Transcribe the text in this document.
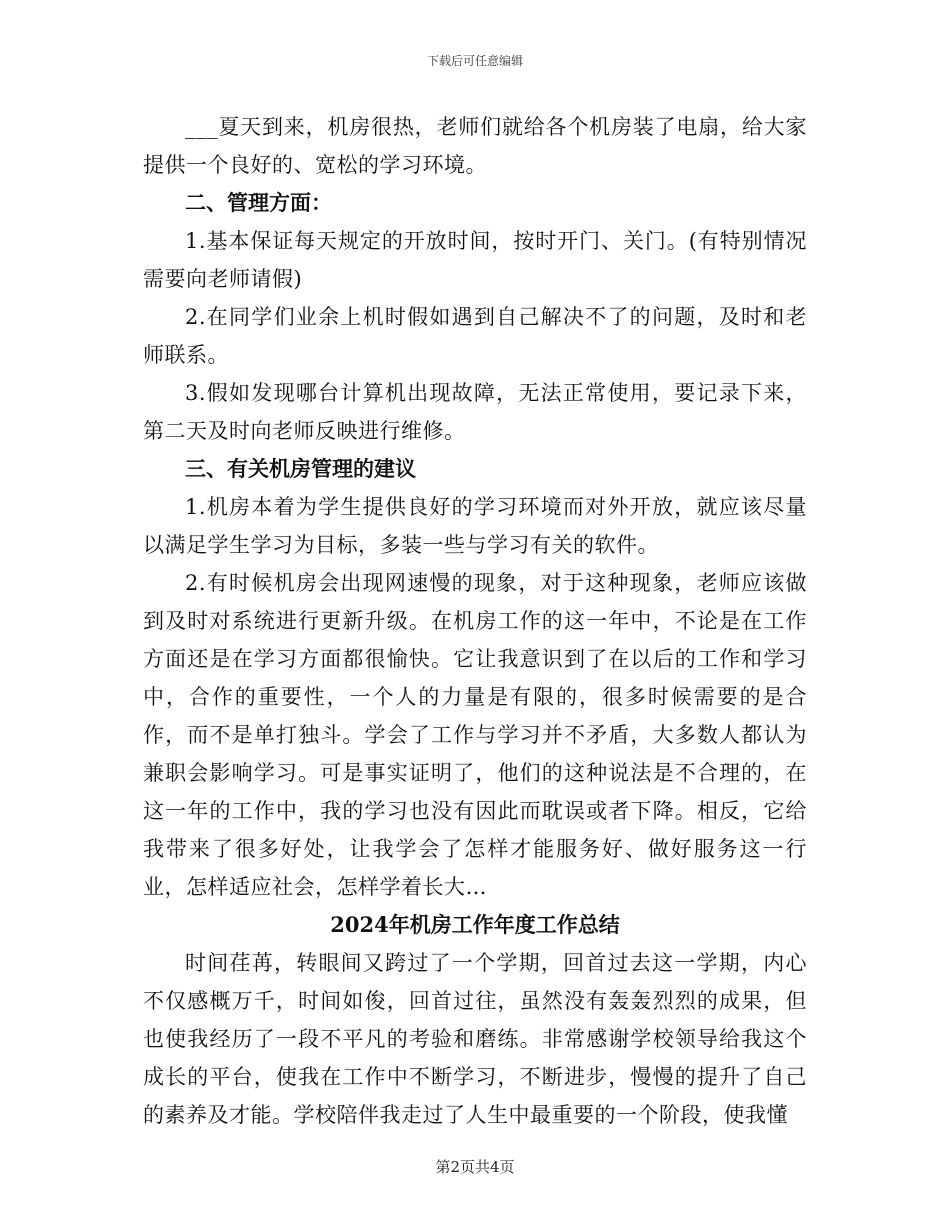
下载后可任意编辑

___夏天到来，机房很热，老师们就给各个机房装了电扇，给大家提供一个良好的、宽松的学习环境。

二、管理方面：

1.基本保证每天规定的开放时间，按时开门、关门。(有特别情况需要向老师请假)

2.在同学们业余上机时假如遇到自己解决不了的问题，及时和老师联系。

3.假如发现哪台计算机出现故障，无法正常使用，要记录下来，第二天及时向老师反映进行维修。

三、有关机房管理的建议

1.机房本着为学生提供良好的学习环境而对外开放，就应该尽量以满足学生学习为目标，多装一些与学习有关的软件。

2.有时候机房会出现网速慢的现象，对于这种现象，老师应该做到及时对系统进行更新升级。在机房工作的这一年中，不论是在工作方面还是在学习方面都很愉快。它让我意识到了在以后的工作和学习中，合作的重要性，一个人的力量是有限的，很多时候需要的是合作，而不是单打独斗。学会了工作与学习并不矛盾，大多数人都认为兼职会影响学习。可是事实证明了，他们的这种说法是不合理的，在这一年的工作中，我的学习也没有因此而耽误或者下降。相反，它给我带来了很多好处，让我学会了怎样才能服务好、做好服务这一行业，怎样适应社会，怎样学着长大…

2024年机房工作年度工作总结

时间荏苒，转眼间又跨过了一个学期，回首过去这一学期，内心不仅感概万千，时间如俊，回首过往，虽然没有轰轰烈烈的成果，但也使我经历了一段不平凡的考验和磨练。非常感谢学校领导给我这个成长的平台，使我在工作中不断学习，不断进步，慢慢的提升了自己的素养及才能。学校陪伴我走过了人生中最重要的一个阶段，使我懂

第2页共4页
